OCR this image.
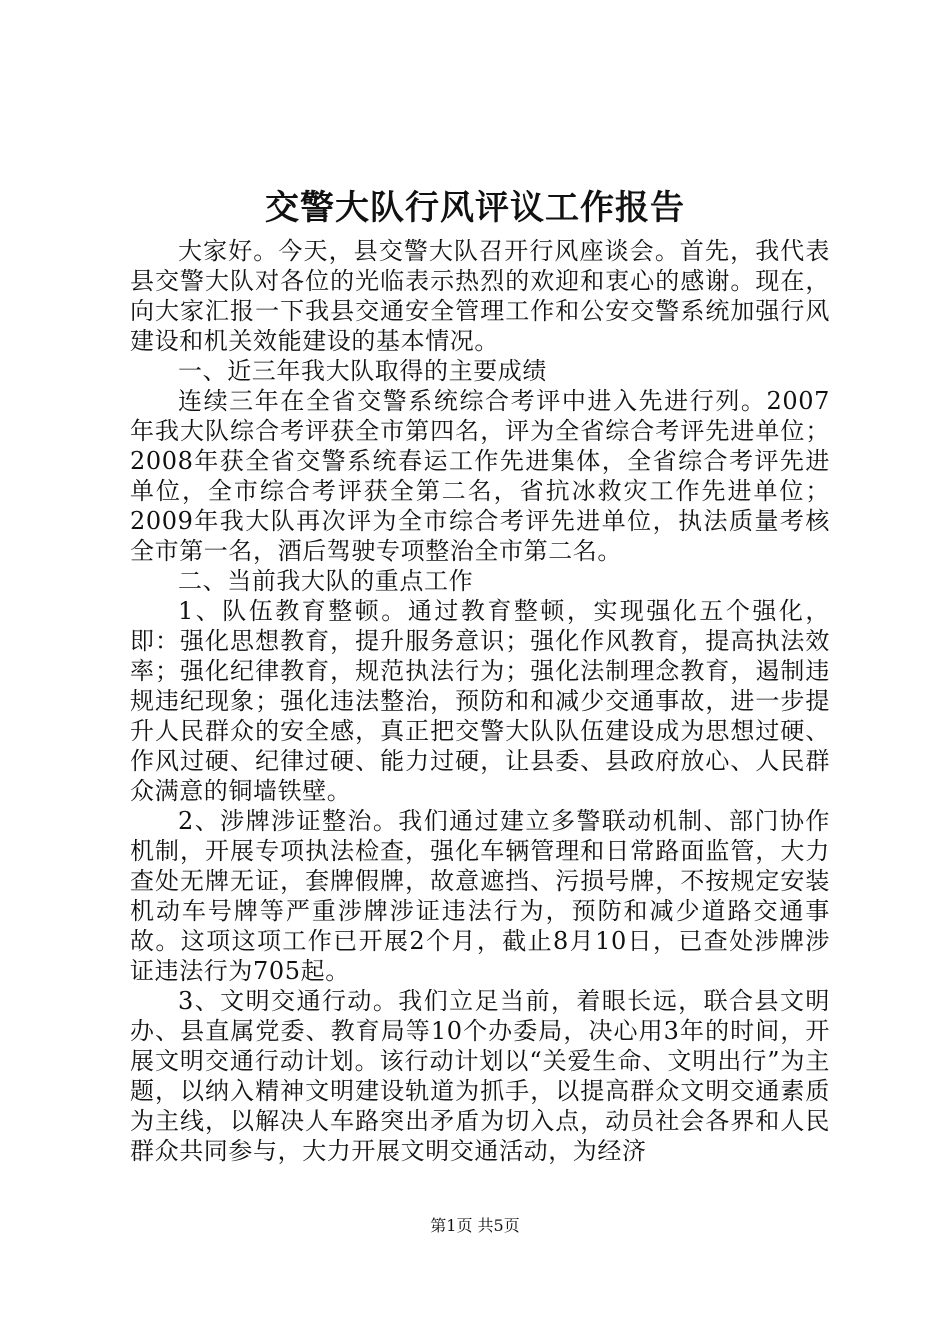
交警大队行风评议工作报告

大家好。今天，县交警大队召开行风座谈会。首先，我代表县交警大队对各位的光临表示热烈的欢迎和衷心的感谢。现在，向大家汇报一下我县交通安全管理工作和公安交警系统加强行风建设和机关效能建设的基本情况。

一、近三年我大队取得的主要成绩

连续三年在全省交警系统综合考评中进入先进行列。2007年我大队综合考评获全市第四名，评为全省综合考评先进单位；2008年获全省交警系统春运工作先进集体，全省综合考评先进单位，全市综合考评获全第二名，省抗冰救灾工作先进单位；2009年我大队再次评为全市综合考评先进单位，执法质量考核全市第一名，酒后驾驶专项整治全市第二名。

二、当前我大队的重点工作

1、队伍教育整顿。通过教育整顿，实现强化五个强化，即：强化思想教育，提升服务意识；强化作风教育，提高执法效率；强化纪律教育，规范执法行为；强化法制理念教育，遏制违规违纪现象；强化违法整治，预防和和减少交通事故，进一步提升人民群众的安全感，真正把交警大队队伍建设成为思想过硬、作风过硬、纪律过硬、能力过硬，让县委、县政府放心、人民群众满意的铜墙铁壁。

2、涉牌涉证整治。我们通过建立多警联动机制、部门协作机制，开展专项执法检查，强化车辆管理和日常路面监管，大力查处无牌无证，套牌假牌，故意遮挡、污损号牌，不按规定安装机动车号牌等严重涉牌涉证违法行为，预防和减少道路交通事故。这项这项工作已开展2个月，截止8月10日，已查处涉牌涉证违法行为705起。

3、文明交通行动。我们立足当前，着眼长远，联合县文明办、县直属党委、教育局等10个办委局，决心用3年的时间，开展文明交通行动计划。该行动计划以“关爱生命、文明出行”为主题，以纳入精神文明建设轨道为抓手，以提高群众文明交通素质为主线，以解决人车路突出矛盾为切入点，动员社会各界和人民群众共同参与，大力开展文明交通活动，为经济

第1页 共5页
